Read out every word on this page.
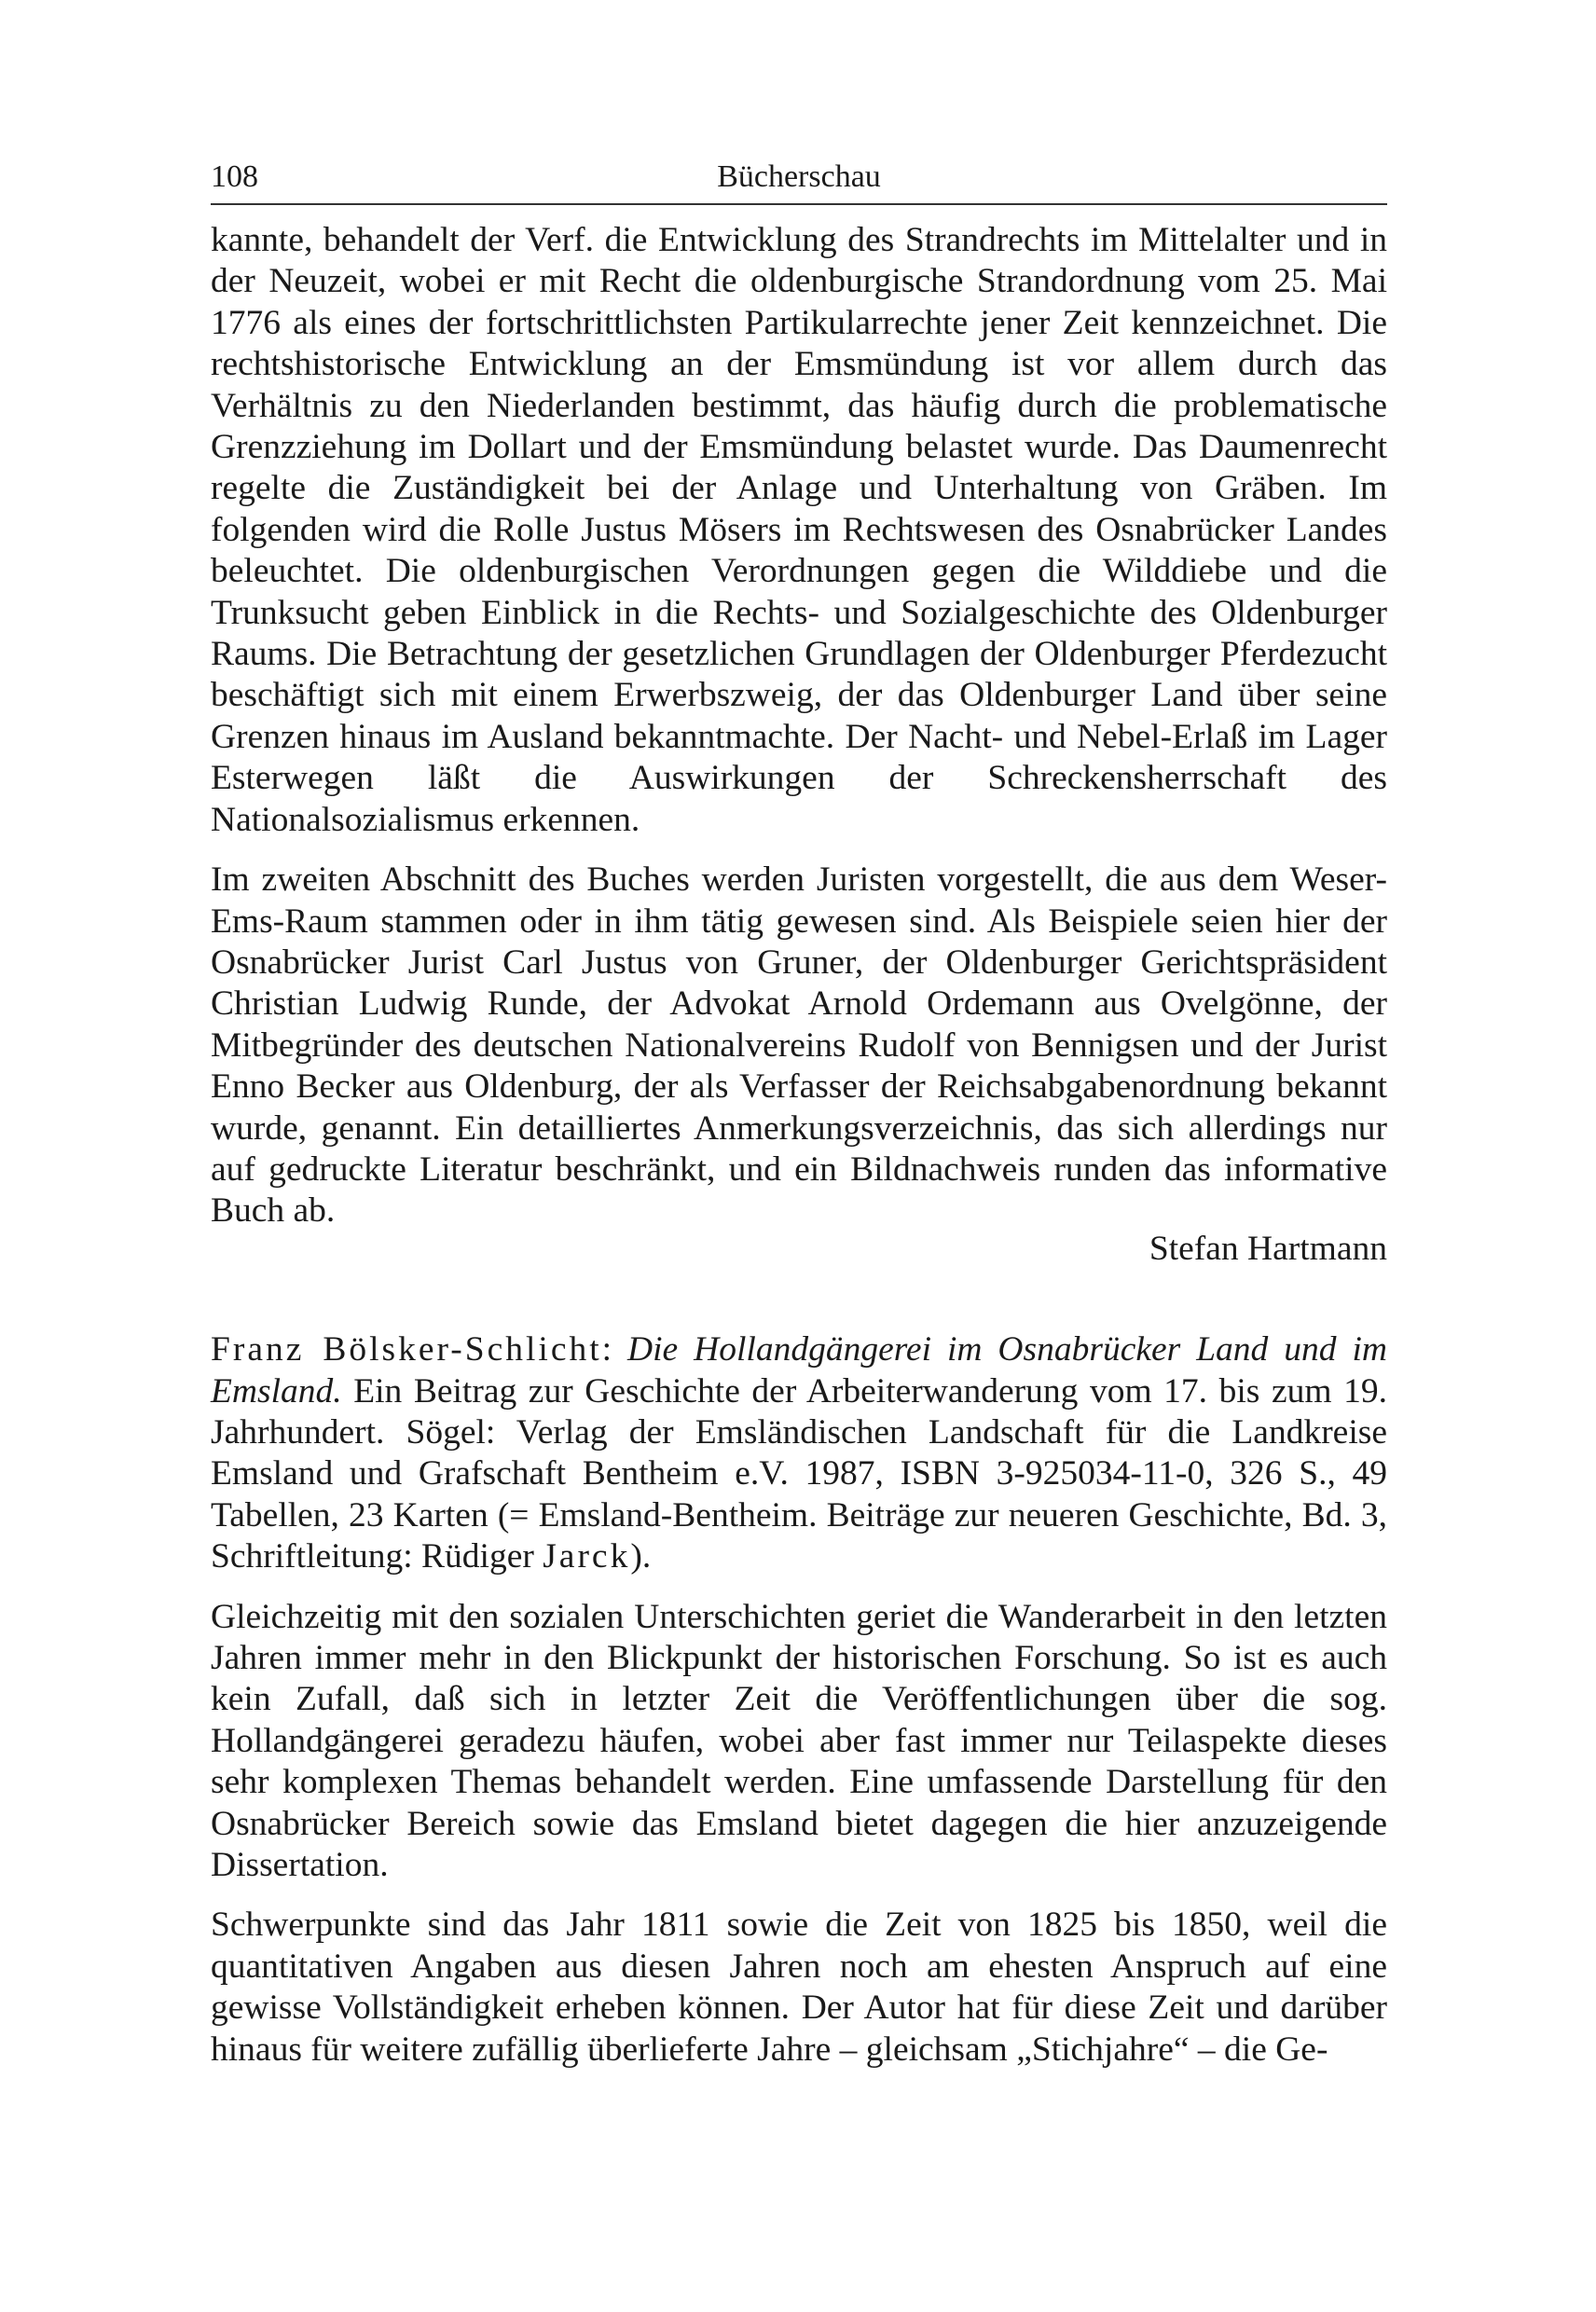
108	Bücherschau

kannte, behandelt der Verf. die Entwicklung des Strandrechts im Mittelalter und in der Neuzeit, wobei er mit Recht die oldenburgische Strandordnung vom 25. Mai 1776 als eines der fortschrittlichsten Partikularrechte jener Zeit kennzeichnet. Die rechtshistorische Entwicklung an der Emsmündung ist vor allem durch das Verhältnis zu den Niederlanden bestimmt, das häufig durch die problematische Grenzziehung im Dollart und der Emsmündung belastet wurde. Das Daumenrecht regelte die Zuständigkeit bei der Anlage und Unterhaltung von Gräben. Im folgenden wird die Rolle Justus Mösers im Rechtswesen des Osnabrücker Landes beleuchtet. Die oldenburgischen Verordnungen gegen die Wilddiebe und die Trunksucht geben Einblick in die Rechts- und Sozialgeschichte des Oldenburger Raums. Die Betrachtung der gesetzlichen Grundlagen der Oldenburger Pferdezucht beschäftigt sich mit einem Erwerbszweig, der das Oldenburger Land über seine Grenzen hinaus im Ausland bekanntmachte. Der Nacht- und Nebel-Erlaß im Lager Esterwegen läßt die Auswirkungen der Schreckensherrschaft des Nationalsozialismus erkennen.

Im zweiten Abschnitt des Buches werden Juristen vorgestellt, die aus dem Weser-Ems-Raum stammen oder in ihm tätig gewesen sind. Als Beispiele seien hier der Osnabrücker Jurist Carl Justus von Gruner, der Oldenburger Gerichtspräsident Christian Ludwig Runde, der Advokat Arnold Ordemann aus Ovelgönne, der Mitbegründer des deutschen Nationalvereins Rudolf von Bennigsen und der Jurist Enno Becker aus Oldenburg, der als Verfasser der Reichsabgabenordnung bekannt wurde, genannt. Ein detailliertes Anmerkungsverzeichnis, das sich allerdings nur auf gedruckte Literatur beschränkt, und ein Bildnachweis runden das informative Buch ab.

Stefan Hartmann

Franz Bölsker-Schlicht: Die Hollandgängerei im Osnabrücker Land und im Emsland. Ein Beitrag zur Geschichte der Arbeiterwanderung vom 17. bis zum 19. Jahrhundert. Sögel: Verlag der Emsländischen Landschaft für die Landkreise Emsland und Grafschaft Bentheim e.V. 1987, ISBN 3-925034-11-0, 326 S., 49 Tabellen, 23 Karten (= Emsland-Bentheim. Beiträge zur neueren Geschichte, Bd. 3, Schriftleitung: Rüdiger Jarck).

Gleichzeitig mit den sozialen Unterschichten geriet die Wanderarbeit in den letzten Jahren immer mehr in den Blickpunkt der historischen Forschung. So ist es auch kein Zufall, daß sich in letzter Zeit die Veröffentlichungen über die sog. Hollandgängerei geradezu häufen, wobei aber fast immer nur Teilaspekte dieses sehr komplexen Themas behandelt werden. Eine umfassende Darstellung für den Osnabrücker Bereich sowie das Emsland bietet dagegen die hier anzuzeigende Dissertation.

Schwerpunkte sind das Jahr 1811 sowie die Zeit von 1825 bis 1850, weil die quantitativen Angaben aus diesen Jahren noch am ehesten Anspruch auf eine gewisse Vollständigkeit erheben können. Der Autor hat für diese Zeit und darüber hinaus für weitere zufällig überlieferte Jahre – gleichsam „Stichjahre“ – die Ge-
